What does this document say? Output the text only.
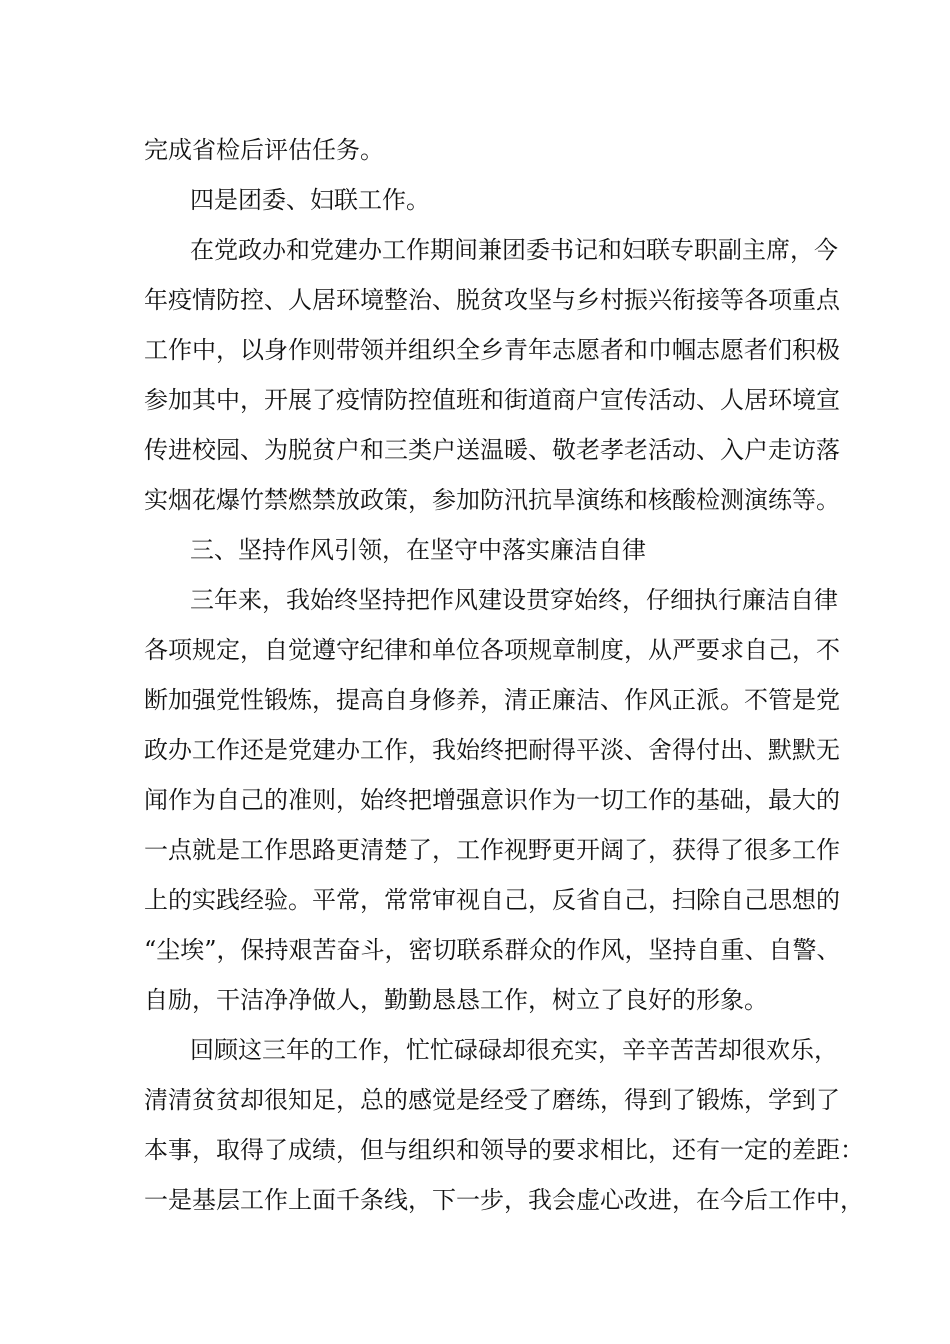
完成省检后评估任务。
四是团委、妇联工作。
在党政办和党建办工作期间兼团委书记和妇联专职副主席，今
年疫情防控、人居环境整治、脱贫攻坚与乡村振兴衔接等各项重点
工作中，以身作则带领并组织全乡青年志愿者和巾帼志愿者们积极
参加其中，开展了疫情防控值班和街道商户宣传活动、人居环境宣
传进校园、为脱贫户和三类户送温暖、敬老孝老活动、入户走访落
实烟花爆竹禁燃禁放政策，参加防汛抗旱演练和核酸检测演练等。
三、坚持作风引领，在坚守中落实廉洁自律
三年来，我始终坚持把作风建设贯穿始终，仔细执行廉洁自律
各项规定，自觉遵守纪律和单位各项规章制度，从严要求自己，不
断加强党性锻炼，提高自身修养，清正廉洁、作风正派。不管是党
政办工作还是党建办工作，我始终把耐得平淡、舍得付出、默默无
闻作为自己的准则，始终把增强意识作为一切工作的基础，最大的
一点就是工作思路更清楚了，工作视野更开阔了，获得了很多工作
上的实践经验。平常，常常审视自己，反省自己，扫除自己思想的
“尘埃”，保持艰苦奋斗，密切联系群众的作风，坚持自重、自警、
自励，干洁净净做人，勤勤恳恳工作，树立了良好的形象。
回顾这三年的工作，忙忙碌碌却很充实，辛辛苦苦却很欢乐，
清清贫贫却很知足，总的感觉是经受了磨练，得到了锻炼，学到了
本事，取得了成绩，但与组织和领导的要求相比，还有一定的差距：
一是基层工作上面千条线，下一步，我会虚心改进，在今后工作中，
